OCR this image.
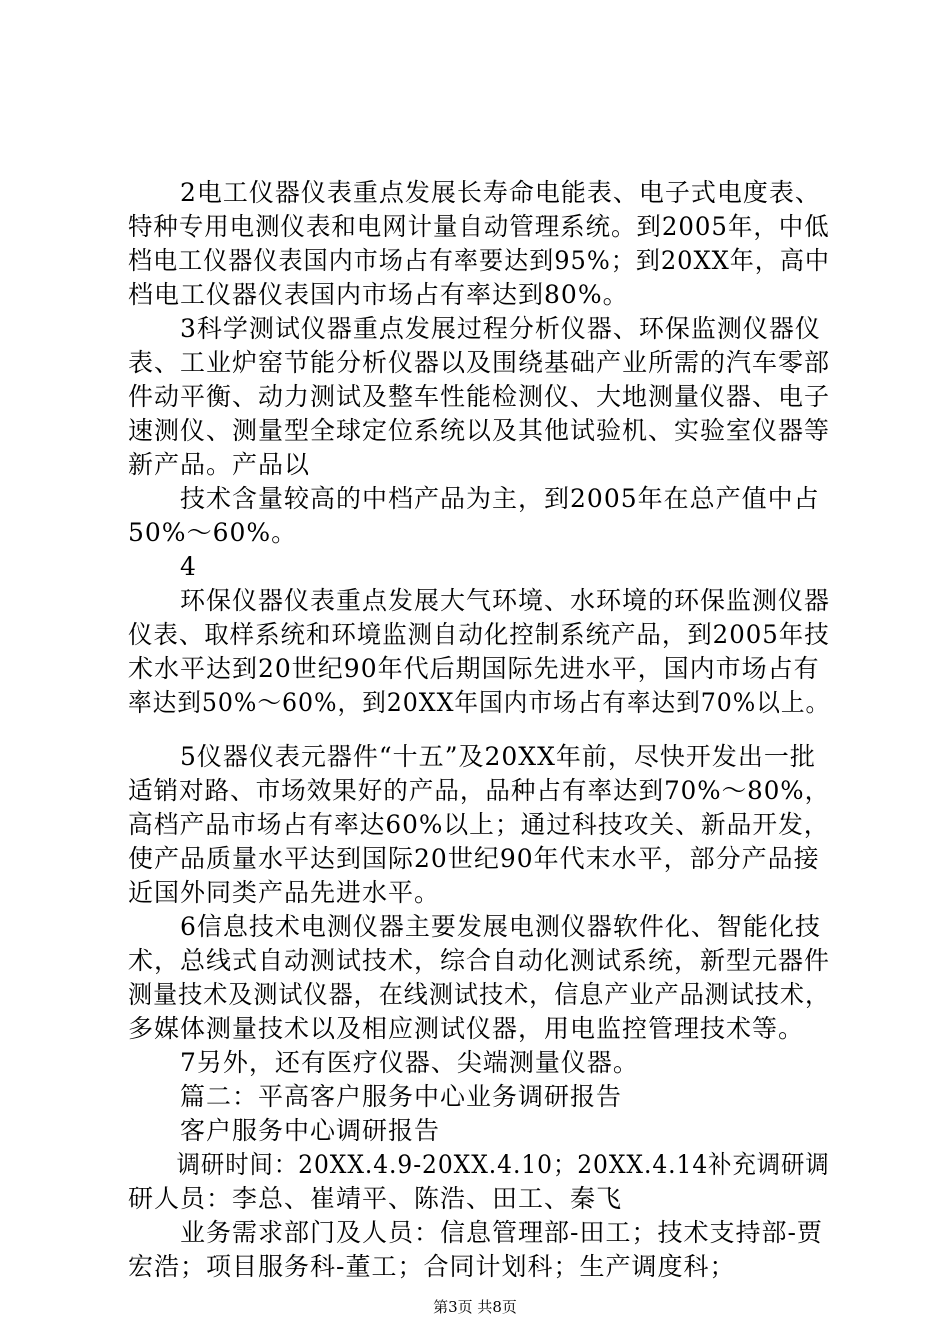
　　2电工仪器仪表重点发展长寿命电能表、电子式电度表、
特种专用电测仪表和电网计量自动管理系统。到2005年，中低
档电工仪器仪表国内市场占有率要达到95%；到20XX年，高中
档电工仪器仪表国内市场占有率达到80%。
　　3科学测试仪器重点发展过程分析仪器、环保监测仪器仪
表、工业炉窑节能分析仪器以及围绕基础产业所需的汽车零部
件动平衡、动力测试及整车性能检测仪、大地测量仪器、电子
速测仪、测量型全球定位系统以及其他试验机、实验室仪器等
新产品。产品以
　　技术含量较高的中档产品为主，到2005年在总产值中占
50%～60%。
　　4
　　环保仪器仪表重点发展大气环境、水环境的环保监测仪器
仪表、取样系统和环境监测自动化控制系统产品，到2005年技
术水平达到20世纪90年代后期国际先进水平，国内市场占有
率达到50%～60%，到20XX年国内市场占有率达到70%以上。
　　5仪器仪表元器件“十五”及20XX年前，尽快开发出一批
适销对路、市场效果好的产品，品种占有率达到70%～80%，
高档产品市场占有率达60%以上；通过科技攻关、新品开发，
使产品质量水平达到国际20世纪90年代末水平，部分产品接
近国外同类产品先进水平。
　　6信息技术电测仪器主要发展电测仪器软件化、智能化技
术，总线式自动测试技术，综合自动化测试系统，新型元器件
测量技术及测试仪器，在线测试技术，信息产业产品测试技术，
多媒体测量技术以及相应测试仪器，用电监控管理技术等。
　　7另外，还有医疗仪器、尖端测量仪器。
　　篇二：平高客户服务中心业务调研报告
　　客户服务中心调研报告
　　调研时间：20XX.4.9-20XX.4.10；20XX.4.14补充调研调
研人员：李总、崔靖平、陈浩、田工、秦飞
　　业务需求部门及人员：信息管理部-田工；技术支持部-贾
宏浩；项目服务科-董工；合同计划科；生产调度科；
第3页 共8页
